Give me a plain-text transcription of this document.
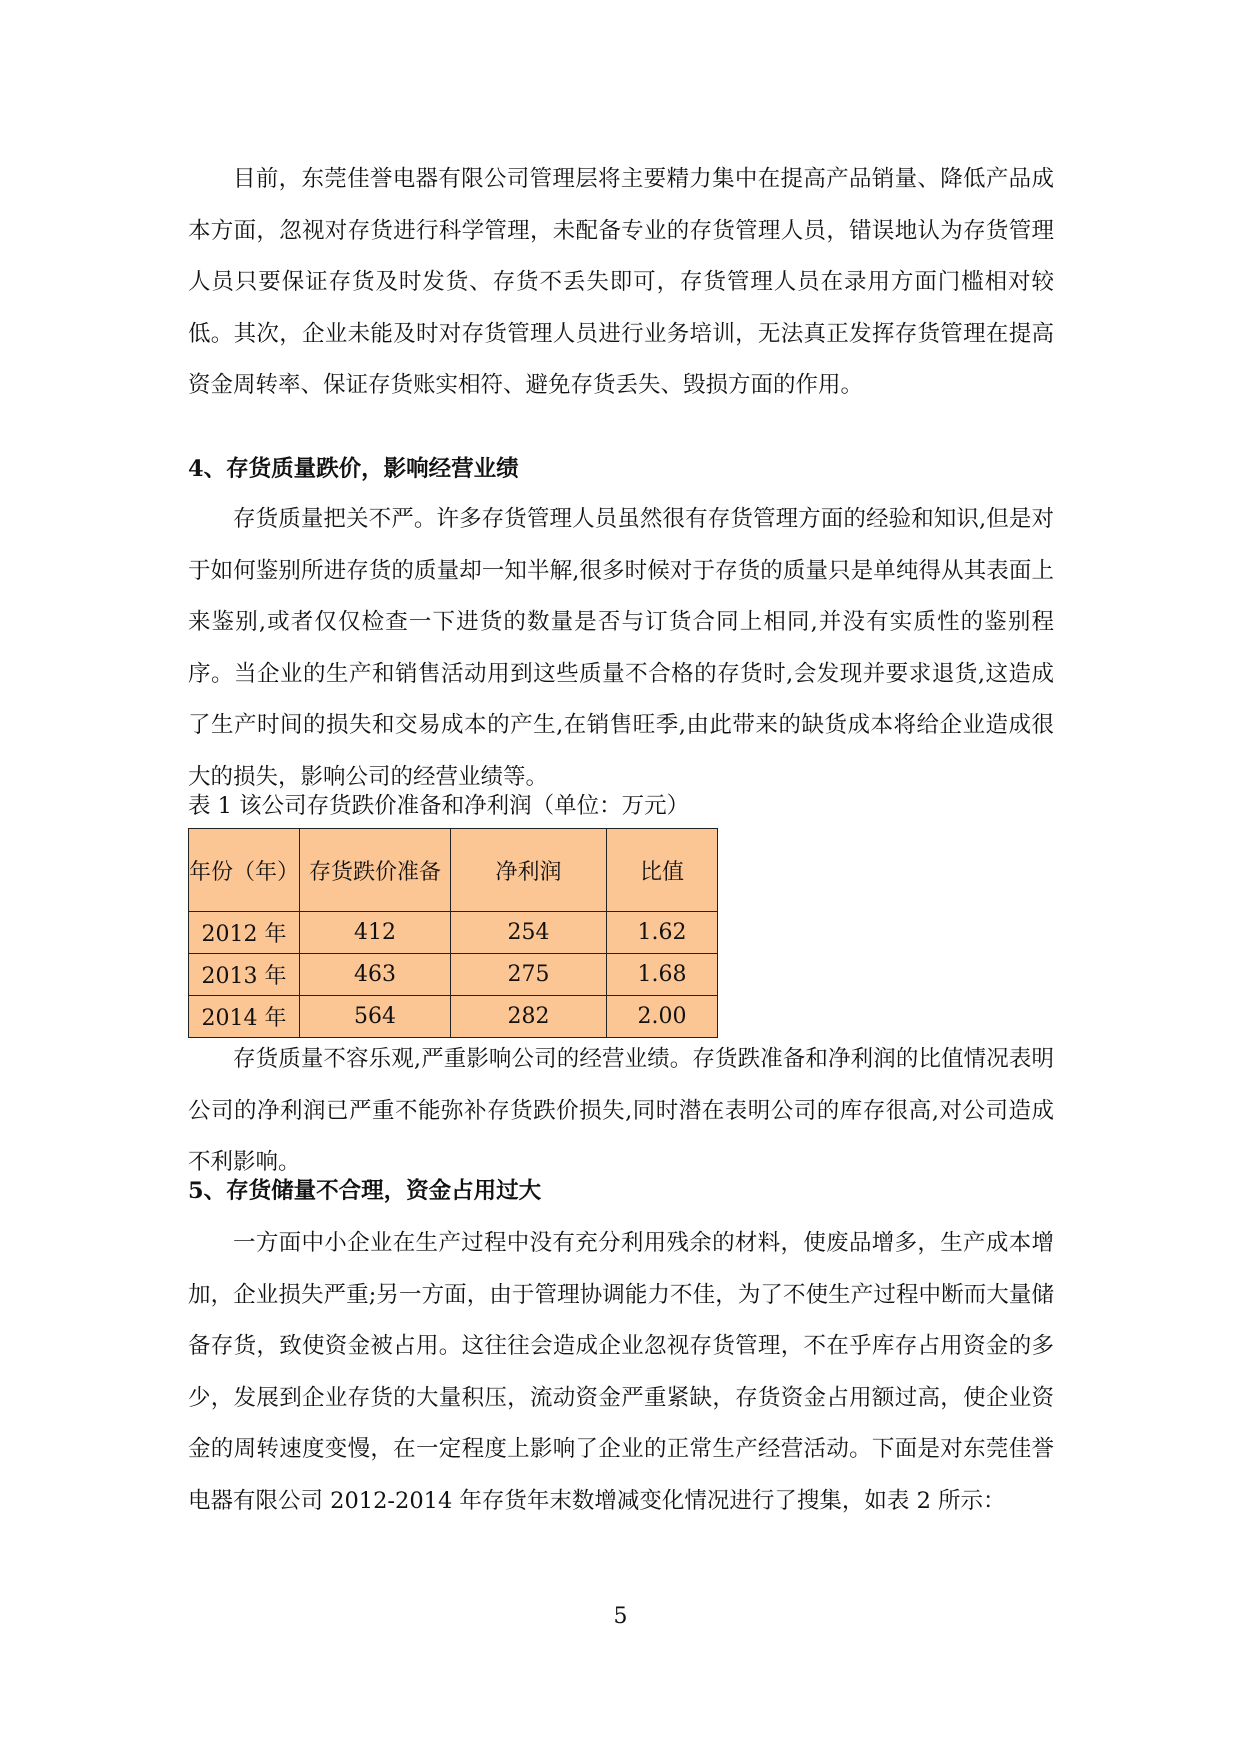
目前，东莞佳誉电器有限公司管理层将主要精力集中在提高产品销量、降低产品成本方面，忽视对存货进行科学管理，未配备专业的存货管理人员，错误地认为存货管理人员只要保证存货及时发货、存货不丢失即可，存货管理人员在录用方面门槛相对较低。其次，企业未能及时对存货管理人员进行业务培训，无法真正发挥存货管理在提高资金周转率、保证存货账实相符、避免存货丢失、毁损方面的作用。

4、存货质量跌价，影响经营业绩

存货质量把关不严。许多存货管理人员虽然很有存货管理方面的经验和知识,但是对于如何鉴别所进存货的质量却一知半解,很多时候对于存货的质量只是单纯得从其表面上来鉴别,或者仅仅检查一下进货的数量是否与订货合同上相同,并没有实质性的鉴别程序。当企业的生产和销售活动用到这些质量不合格的存货时,会发现并要求退货,这造成了生产时间的损失和交易成本的产生,在销售旺季,由此带来的缺货成本将给企业造成很大的损失，影响公司的经营业绩等。

表 1 该公司存货跌价准备和净利润（单位：万元）
年份（年）	存货跌价准备	净利润	比值
2012 年	412	254	1.62
2013 年	463	275	1.68
2014 年	564	282	2.00

存货质量不容乐观,严重影响公司的经营业绩。存货跌准备和净利润的比值情况表明公司的净利润已严重不能弥补存货跌价损失,同时潜在表明公司的库存很高,对公司造成不利影响。

5、存货储量不合理，资金占用过大

一方面中小企业在生产过程中没有充分利用残余的材料，使废品增多，生产成本增加，企业损失严重;另一方面，由于管理协调能力不佳，为了不使生产过程中断而大量储备存货，致使资金被占用。这往往会造成企业忽视存货管理，不在乎库存占用资金的多少，发展到企业存货的大量积压，流动资金严重紧缺，存货资金占用额过高，使企业资金的周转速度变慢，在一定程度上影响了企业的正常生产经营活动。下面是对东莞佳誉电器有限公司 2012-2014 年存货年末数增减变化情况进行了搜集，如表 2 所示：

5
